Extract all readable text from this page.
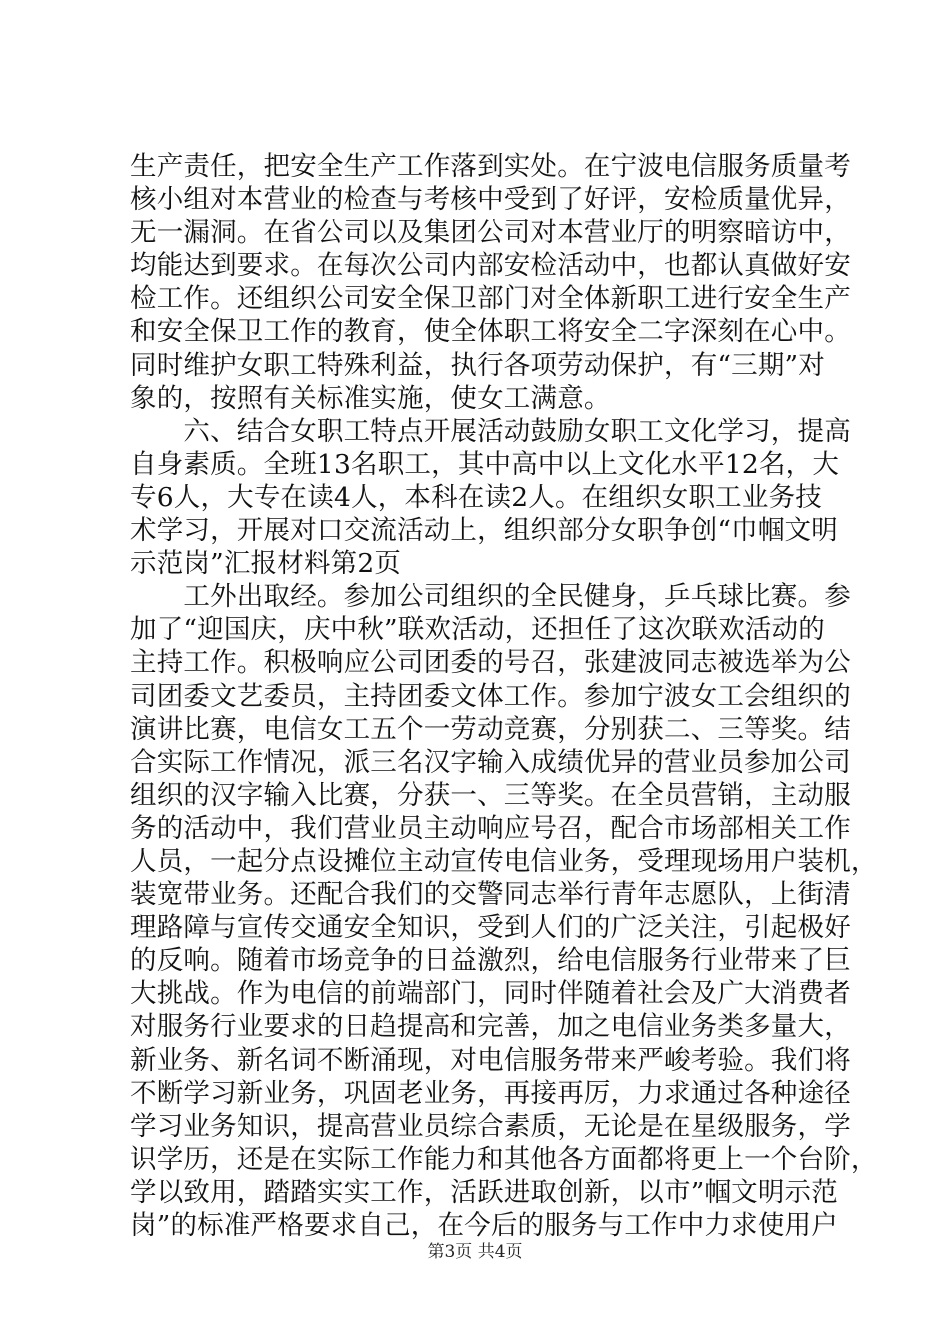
生产责任，把安全生产工作落到实处。在宁波电信服务质量考
核小组对本营业的检查与考核中受到了好评，安检质量优异，
无一漏洞。在省公司以及集团公司对本营业厅的明察暗访中，
均能达到要求。在每次公司内部安检活动中，也都认真做好安
检工作。还组织公司安全保卫部门对全体新职工进行安全生产
和安全保卫工作的教育，使全体职工将安全二字深刻在心中。
同时维护女职工特殊利益，执行各项劳动保护，有“三期”对
象的，按照有关标准实施，使女工满意。
　　六、结合女职工特点开展活动鼓励女职工文化学习，提高
自身素质。全班13名职工，其中高中以上文化水平12名，大
专6人，大专在读4人，本科在读2人。在组织女职工业务技
术学习，开展对口交流活动上，组织部分女职争创“巾帼文明
示范岗”汇报材料第2页
　　工外出取经。参加公司组织的全民健身，乒乓球比赛。参
加了“迎国庆，庆中秋”联欢活动，还担任了这次联欢活动的
主持工作。积极响应公司团委的号召，张建波同志被选举为公
司团委文艺委员，主持团委文体工作。参加宁波女工会组织的
演讲比赛，电信女工五个一劳动竞赛，分别获二、三等奖。结
合实际工作情况，派三名汉字输入成绩优异的营业员参加公司
组织的汉字输入比赛，分获一、三等奖。在全员营销，主动服
务的活动中，我们营业员主动响应号召，配合市场部相关工作
人员，一起分点设摊位主动宣传电信业务，受理现场用户装机，
装宽带业务。还配合我们的交警同志举行青年志愿队，上街清
理路障与宣传交通安全知识，受到人们的广泛关注，引起极好
的反响。随着市场竞争的日益激烈，给电信服务行业带来了巨
大挑战。作为电信的前端部门，同时伴随着社会及广大消费者
对服务行业要求的日趋提高和完善，加之电信业务类多量大，
新业务、新名词不断涌现，对电信服务带来严峻考验。我们将
不断学习新业务，巩固老业务，再接再厉，力求通过各种途径
学习业务知识，提高营业员综合素质，无论是在星级服务，学
识学历，还是在实际工作能力和其他各方面都将更上一个台阶，
学以致用，踏踏实实工作，活跃进取创新，以市”帼文明示范
岗”的标准严格要求自己，在今后的服务与工作中力求使用户
第3页 共4页
